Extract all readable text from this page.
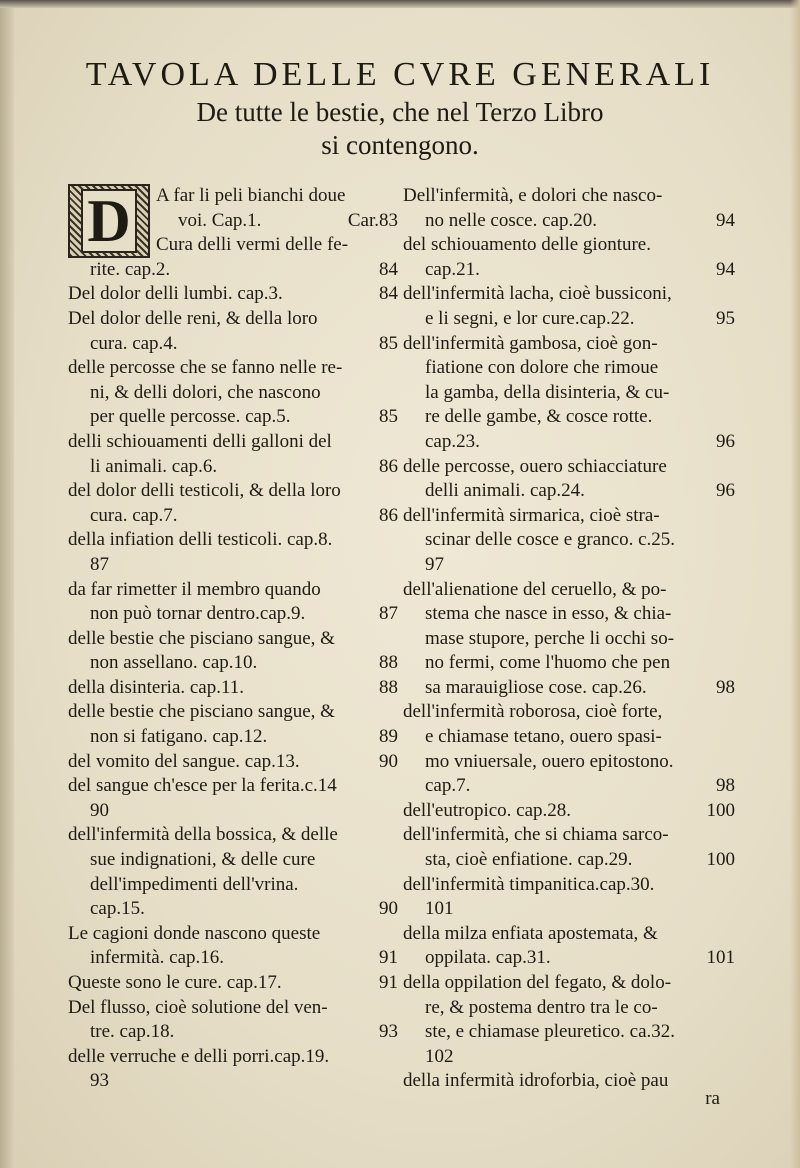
TAVOLA DELLE CVRE GENERALI
De tutte le bestie, che nel Terzo Libro
si contengono.
D	A far li peli bianchi doue
voi. Cap.1.	Car.83
Cura delli vermi delle fe-
rite. cap.2.	84
Del dolor delli lumbi. cap.3.	84
Del dolor delle reni, & della loro
cura. cap.4.	85
delle percosse che se fanno nelle re-
ni, & delli dolori, che nascono
per quelle percosse. cap.5.	85
delli schiouamenti delli galloni del
li animali. cap.6.	86
del dolor delli testicoli, & della loro
cura. cap.7.	86
della infiation delli testicoli. cap.8.
87
da far rimetter il membro quando
non può tornar dentro.cap.9.	87
delle bestie che pisciano sangue, &
non assellano. cap.10.	88
della disinteria. cap.11.	88
delle bestie che pisciano sangue, &
non si fatigano. cap.12.	89
del vomito del sangue. cap.13.	90
del sangue ch'esce per la ferita.c.14
90
dell'infermità della bossica, & delle
sue indignationi, & delle cure
dell'impedimenti dell'vrina.
cap.15.	90
Le cagioni donde nascono queste
infermità. cap.16.	91
Queste sono le cure. cap.17.	91
Del flusso, cioè solutione del ven-
tre. cap.18.	93
delle verruche e delli porri.cap.19.
93
Dell'infermità, e dolori che nasco-
no nelle cosce. cap.20.	94
del schiouamento delle gionture.
cap.21.	94
dell'infermità lacha, cioè bussiconi,
e li segni, e lor cure.cap.22.	95
dell'infermità gambosa, cioè gon-
fiatione con dolore che rimoue
la gamba, della disinteria, & cu-
re delle gambe, & cosce rotte.
cap.23.	96
delle percosse, ouero schiacciature
delli animali. cap.24.	96
dell'infermità sirmarica, cioè stra-
scinar delle cosce e granco. c.25.
97
dell'alienatione del ceruello, & po-
stema che nasce in esso, & chia-
mase stupore, perche li occhi so-
no fermi, come l'huomo che pen
sa marauigliose cose. cap.26.	98
dell'infermità roborosa, cioè forte,
e chiamase tetano, ouero spasi-
mo vniuersale, ouero epitostono.
cap.7.	98
dell'eutropico. cap.28.	100
dell'infermità, che si chiama sarco-
sta, cioè enfiatione. cap.29.	100
dell'infermità timpanitica.cap.30.
101
della milza enfiata apostemata, &
oppilata. cap.31.	101
della oppilation del fegato, & dolo-
re, & postema dentro tra le co-
ste, e chiamase pleuretico. ca.32.
102
della infermità idroforbia, cioè pau
ra
